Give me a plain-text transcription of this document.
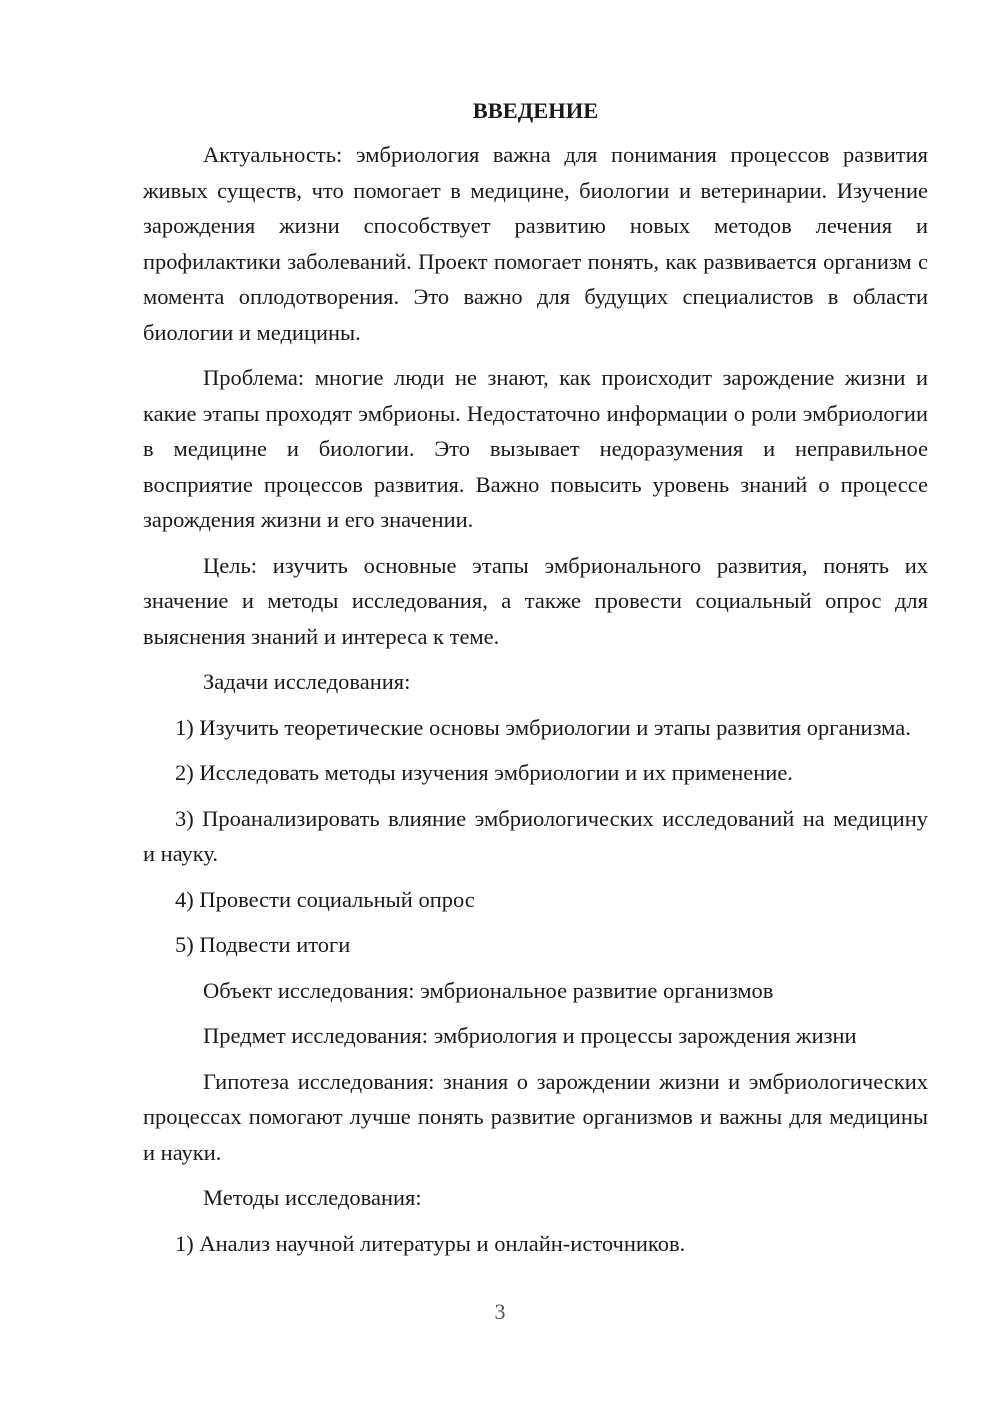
ВВЕДЕНИЕ

Актуальность: эмбриология важна для понимания процессов развития живых существ, что помогает в медицине, биологии и ветеринарии. Изучение зарождения жизни способствует развитию новых методов лечения и профилактики заболеваний. Проект помогает понять, как развивается организм с момента оплодотворения. Это важно для будущих специалистов в области биологии и медицины.

Проблема: многие люди не знают, как происходит зарождение жизни и какие этапы проходят эмбрионы. Недостаточно информации о роли эмбриологии в медицине и биологии. Это вызывает недоразумения и неправильное восприятие процессов развития. Важно повысить уровень знаний о процессе зарождения жизни и его значении.

Цель: изучить основные этапы эмбрионального развития, понять их значение и методы исследования, а также провести социальный опрос для выяснения знаний и интереса к теме.

Задачи исследования:

1) Изучить теоретические основы эмбриологии и этапы развития организма.

2) Исследовать методы изучения эмбриологии и их применение.

3) Проанализировать влияние эмбриологических исследований на медицину и науку.

4) Провести социальный опрос

5) Подвести итоги

Объект исследования: эмбриональное развитие организмов

Предмет исследования: эмбриология и процессы зарождения жизни

Гипотеза исследования: знания о зарождении жизни и эмбриологических процессах помогают лучше понять развитие организмов и важны для медицины и науки.

Методы исследования:

1) Анализ научной литературы и онлайн-источников.

3
